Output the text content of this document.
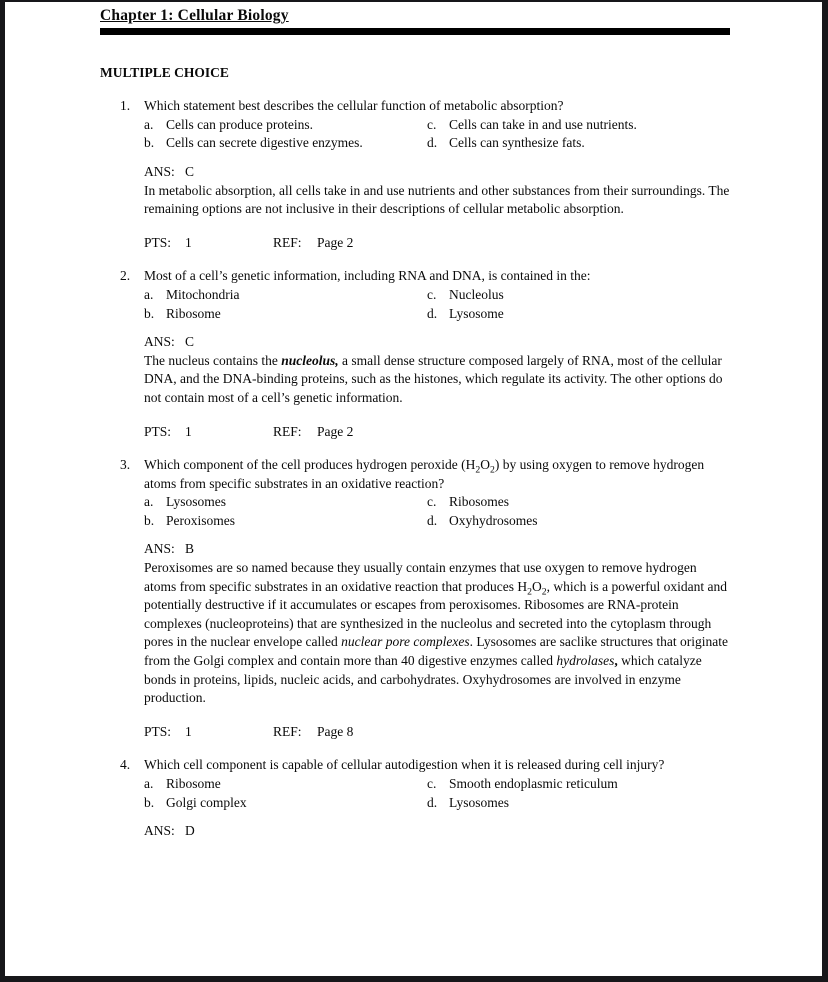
Chapter 1: Cellular Biology
MULTIPLE CHOICE
1.	Which statement best describes the cellular function of metabolic absorption?
a. Cells can produce proteins.
b. Cells can secrete digestive enzymes.
c. Cells can take in and use nutrients.
d. Cells can synthesize fats.
ANS: C
In metabolic absorption, all cells take in and use nutrients and other substances from their surroundings. The remaining options are not inclusive in their descriptions of cellular metabolic absorption.
PTS:	1	REF:	Page 2
2.	Most of a cell’s genetic information, including RNA and DNA, is contained in the:
a. Mitochondria
b. Ribosome
c. Nucleolus
d. Lysosome
ANS: C
The nucleus contains the nucleolus, a small dense structure composed largely of RNA, most of the cellular DNA, and the DNA-binding proteins, such as the histones, which regulate its activity. The other options do not contain most of a cell’s genetic information.
PTS:	1	REF:	Page 2
3.	Which component of the cell produces hydrogen peroxide $(H_2O_2)$ by using oxygen to remove hydrogen atoms from specific substrates in an oxidative reaction?
a. Lysosomes
b. Peroxisomes
c. Ribosomes
d. Oxyhydrosomes
ANS: B
Peroxisomes are so named because they usually contain enzymes that use oxygen to remove hydrogen atoms from specific substrates in an oxidative reaction that produces $H_2O_2$, which is a powerful oxidant and potentially destructive if it accumulates or escapes from peroxisomes. Ribosomes are RNA-protein complexes (nucleoproteins) that are synthesized in the nucleolus and secreted into the cytoplasm through pores in the nuclear envelope called nuclear pore complexes. Lysosomes are saclike structures that originate from the Golgi complex and contain more than 40 digestive enzymes called hydrolases, which catalyze bonds in proteins, lipids, nucleic acids, and carbohydrates. Oxyhydrosomes are involved in enzyme production.
PTS:	1	REF:	Page 8
4.	Which cell component is capable of cellular autodigestion when it is released during cell injury?
a. Ribosome
b. Golgi complex
c. Smooth endoplasmic reticulum
d. Lysosomes
ANS: D
